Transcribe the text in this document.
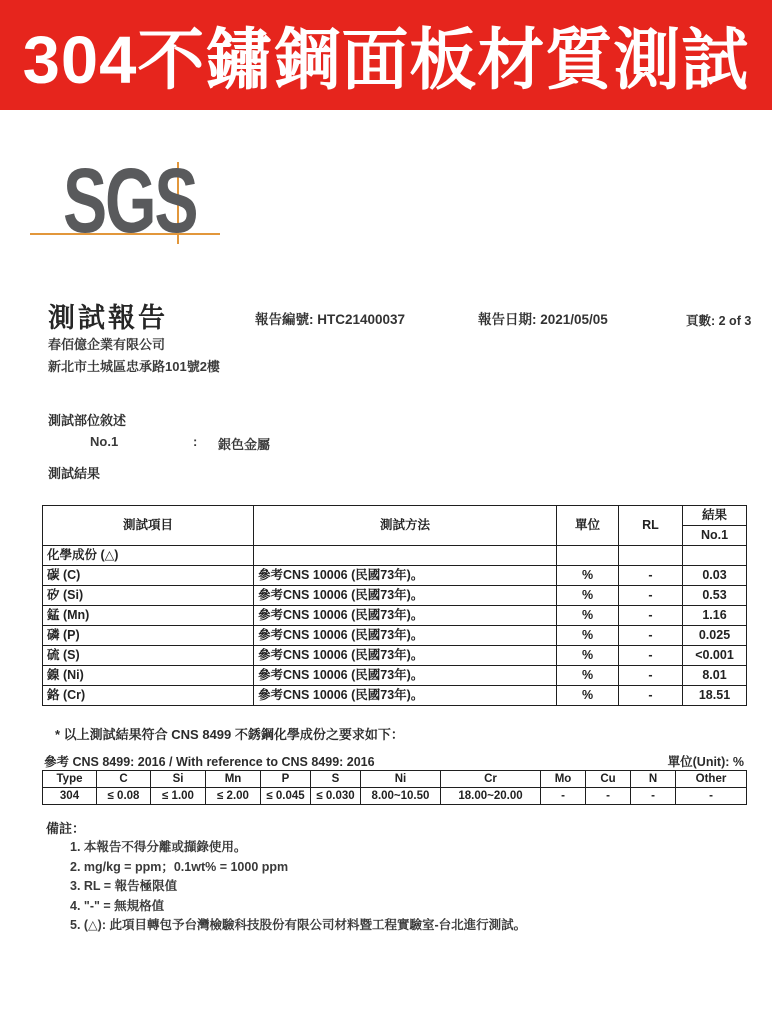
304不鏽鋼面板材質測試
SGS
測試報告	報告編號: HTC21400037	報告日期: 2021/05/05	頁數: 2 of 3
春佰億企業有限公司
新北市土城區忠承路101號2樓
測試部位敘述
No.1	: 銀色金屬
測試結果
測試項目	測試方法	單位	RL	結果
				No.1
化學成份 (△)				
碳 (C)	參考CNS 10006 (民國73年)。	%	-	0.03
矽 (Si)	參考CNS 10006 (民國73年)。	%	-	0.53
錳 (Mn)	參考CNS 10006 (民國73年)。	%	-	1.16
磷 (P)	參考CNS 10006 (民國73年)。	%	-	0.025
硫 (S)	參考CNS 10006 (民國73年)。	%	-	<0.001
鎳 (Ni)	參考CNS 10006 (民國73年)。	%	-	8.01
鉻 (Cr)	參考CNS 10006 (民國73年)。	%	-	18.51
* 以上測試結果符合 CNS 8499 不銹鋼化學成份之要求如下：
參考 CNS 8499: 2016 / With reference to CNS 8499: 2016	單位(Unit): %
Type	C	Si	Mn	P	S	Ni	Cr	Mo	Cu	N	Other
304	≤ 0.08	≤ 1.00	≤ 2.00	≤ 0.045	≤ 0.030	8.00~10.50	18.00~20.00	-	-	-	-
備註：
1. 本報告不得分離或擷錄使用。
2. mg/kg = ppm；0.1wt% = 1000 ppm
3. RL = 報告極限值
4. "-" = 無規格值
5. (△): 此項目轉包予台灣檢驗科技股份有限公司材料暨工程實驗室-台北進行測試。
